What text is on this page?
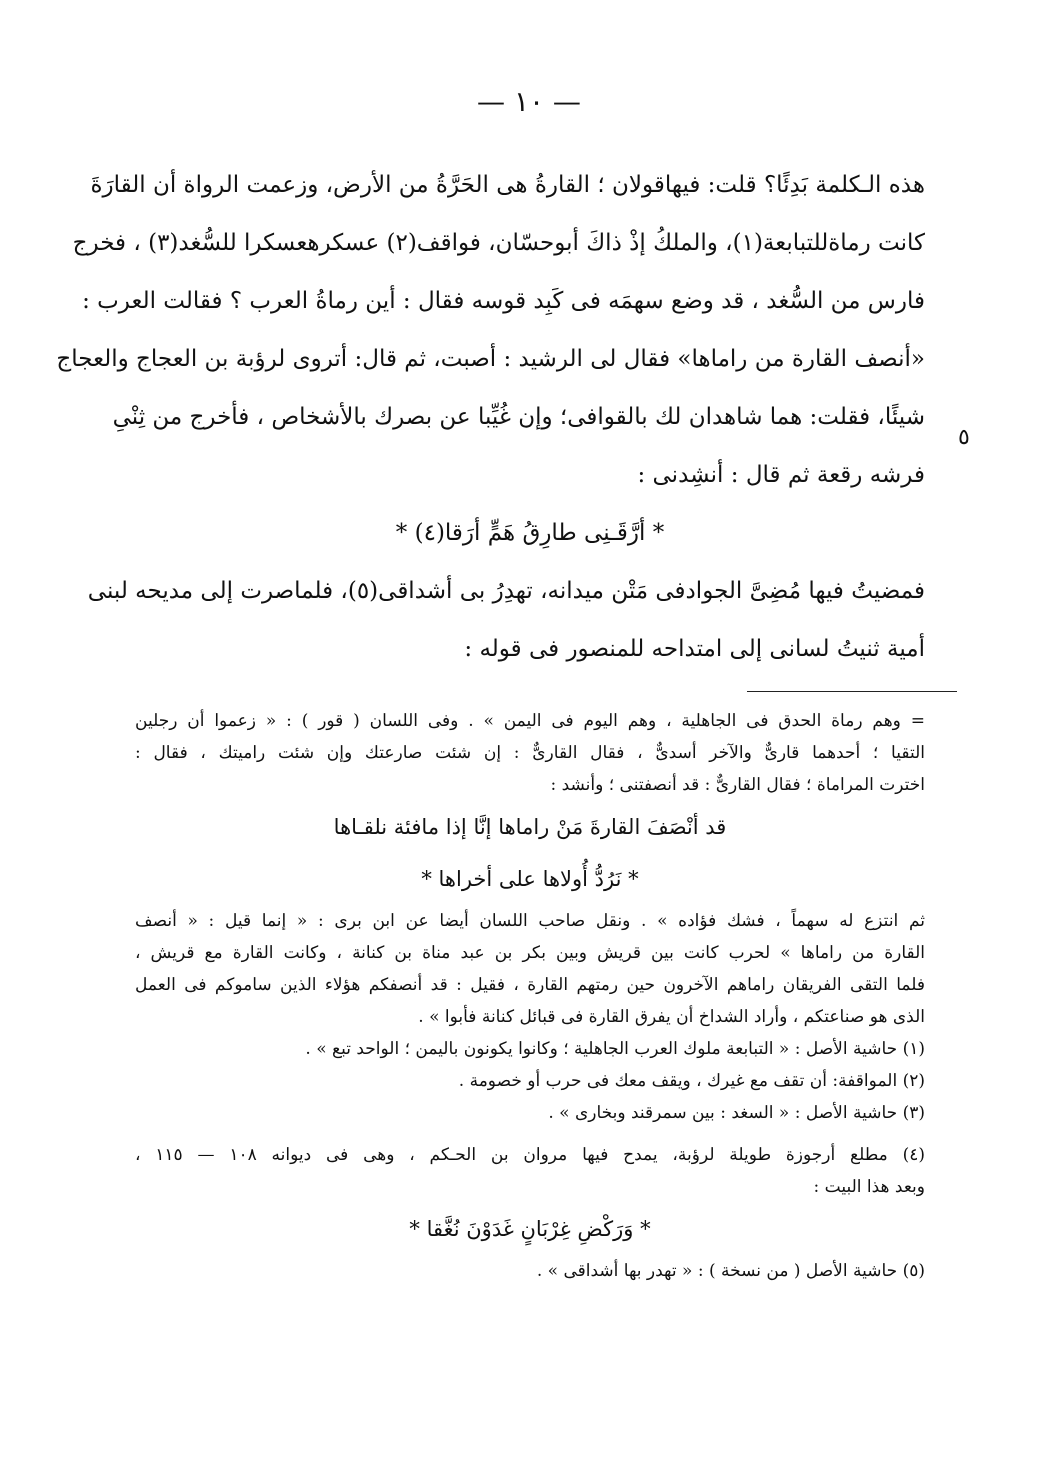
— ١٠ —
هذه الـكلمة بَدِئًا؟ قلت: فيهاقولان ؛ القارةُ هى الحَرَّةُ من الأرض، وزعمت الرواة أن القارَةَ
كانت رماةللتبابعة(١)، والملكُ إذْ ذاكَ أبوحسّان، فواقف(٢) عسكرهعسكرا للسُّغد(٣) ، فخرج
فارس من السُّغد ، قد وضع سهمَه فى كَبِد قوسه فقال : أين رماةُ العرب ؟ فقالت العرب :
«أنصف القارة من راماها» فقال لى الرشيد : أصبت، ثم قال: أتروى لرؤبة بن العجاج والعجاج
شيئًا، فقلت: هما شاهدان لك بالقوافى؛ وإن غُيِّبا عن بصرك بالأشخاص ، فأخرج من ثِنْىِ
فرشه رقعة ثم قال : أنشِدنى :
* أرَّقَـنِى طارِقُ هَمٍّ أرَقا(٤) *
فمضيتُ فيها مُضِىَّ الجوادفى مَتْن ميدانه، تهدِرُ بى أشداقى(٥)، فلماصرت إلى مديحه لبنى
أمية ثنيتُ لسانى إلى امتداحه للمنصور فى قوله :
٥
= وهم رماة الحدق فى الجاهلية ، وهم اليوم فى اليمن » . وفى اللسان ( قور ) : « زعموا أن رجلين
التقيا ؛ أحدهما قارىٌّ والآخر أسدىٌّ ، فقال القارىٌّ : إن شئت صارعتك وإن شئت راميتك ، فقال :
اخترت المراماة ؛ فقال القارىٌّ : قد أنصفتنى ؛ وأنشد :
قد أنْصَفَ القارةَ مَنْ راماها إنَّا إذا مافئة نلقـاها
* نَرُدُّ أُولاها على أخراها *
ثم انتزع له سهماً ، فشك فؤاده » . ونقل صاحب اللسان أيضا عن ابن برى : « إنما قيل : « أنصف
القارة من راماها » لحرب كانت بين قريش وبين بكر بن عبد مناة بن كنانة ، وكانت القارة مع قريش ،
فلما التقى الفريقان راماهم الآخرون حين رمتهم القارة ، فقيل : قد أنصفكم هؤلاء الذين ساموكم فى العمل
الذى هو صناعتكم ، وأراد الشداخ أن يفرق القارة فى قبائل كنانة فأبوا » .
(١) حاشية الأصل : « التبابعة ملوك العرب الجاهلية ؛ وكانوا يكونون باليمن ؛ الواحد تبع » .
(٢) المواقفة: أن تقف مع غيرك ، ويقف معك فى حرب أو خصومة .
(٣) حاشية الأصل : « السغد : بين سمرقند وبخارى » .
(٤) مطلع أرجوزة طويلة لرؤبة، يمدح فيها مروان بن الحـكم ، وهى فى ديوانه ١٠٨ — ١١٥ ،
وبعد هذا البيت :
* وَرَكْضِ غِرْبَانٍ غَدَوْنَ نُغَّقا *
(٥) حاشية الأصل ( من نسخة ) : « تهدر بها أشداقى » .
